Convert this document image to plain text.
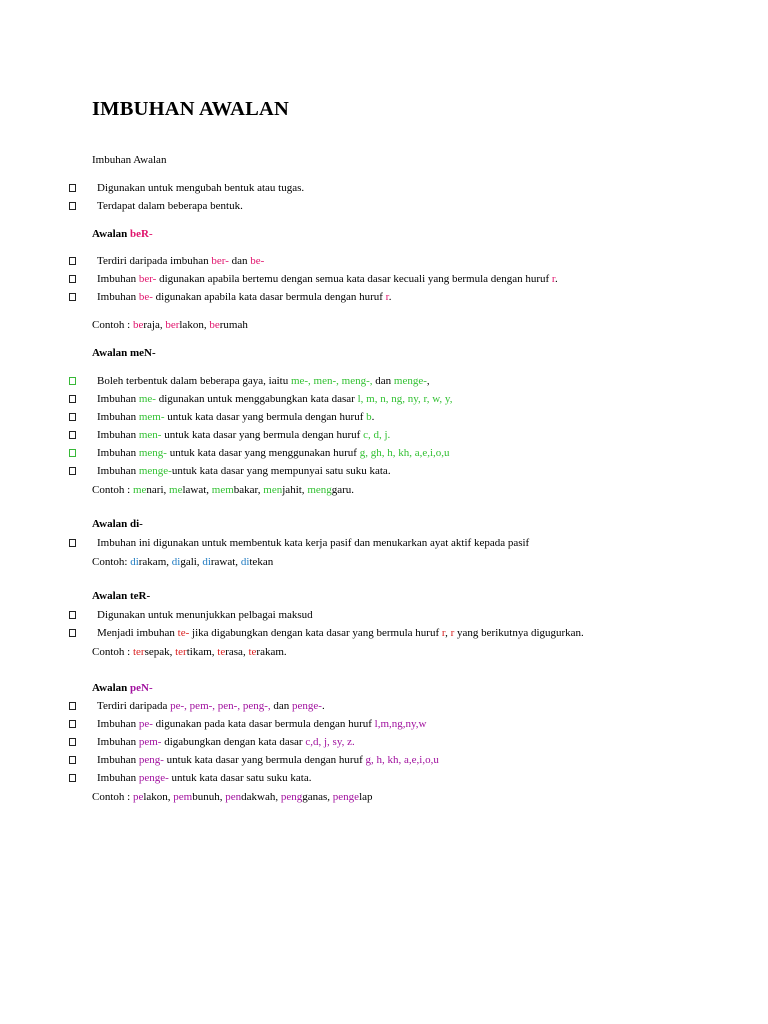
IMBUHAN AWALAN
Imbuhan Awalan
Digunakan untuk mengubah bentuk atau tugas.
Terdapat dalam beberapa bentuk.
Awalan beR-
Terdiri daripada imbuhan ber- dan be-
Imbuhan ber- digunakan apabila bertemu dengan semua kata dasar kecuali yang bermula dengan huruf r.
Imbuhan be- digunakan apabila kata dasar bermula dengan huruf r.
Contoh : beraja, berlakon, berumah
Awalan meN-
Boleh terbentuk dalam beberapa gaya, iaitu me-, men-, meng-, dan menge-,
Imbuhan me- digunakan untuk menggabungkan kata dasar l, m, n, ng, ny, r, w, y,
Imbuhan mem- untuk kata dasar yang bermula dengan huruf b.
Imbuhan men- untuk kata dasar yang bermula dengan huruf c, d, j.
Imbuhan meng- untuk kata dasar yang menggunakan huruf g, gh, h, kh, a,e,i,o,u
Imbuhan menge-untuk kata dasar yang mempunyai satu suku kata.
Contoh : menari, melawat, membakar, menjahit, menggaru.
Awalan di-
Imbuhan ini digunakan untuk membentuk kata kerja pasif dan menukarkan ayat aktif kepada pasif
Contoh: dirakam, digali, dirawat, ditekan
Awalan teR-
Digunakan untuk menunjukkan pelbagai maksud
Menjadi imbuhan te- jika digabungkan dengan kata dasar yang bermula huruf r, r yang berikutnya digugurkan.
Contoh : tersepak, tertikam, terasa, terakam.
Awalan peN-
Terdiri daripada pe-, pem-, pen-, peng-, dan penge-.
Imbuhan pe- digunakan pada kata dasar bermula dengan huruf l,m,ng,ny,w
Imbuhan pem- digabungkan dengan kata dasar c,d, j, sy, z.
Imbuhan peng- untuk kata dasar yang bermula dengan huruf g, h, kh, a,e,i,o,u
Imbuhan penge- untuk kata dasar satu suku kata.
Contoh : pelakon, pembunuh, pendakwah, pengganas, pengelap
